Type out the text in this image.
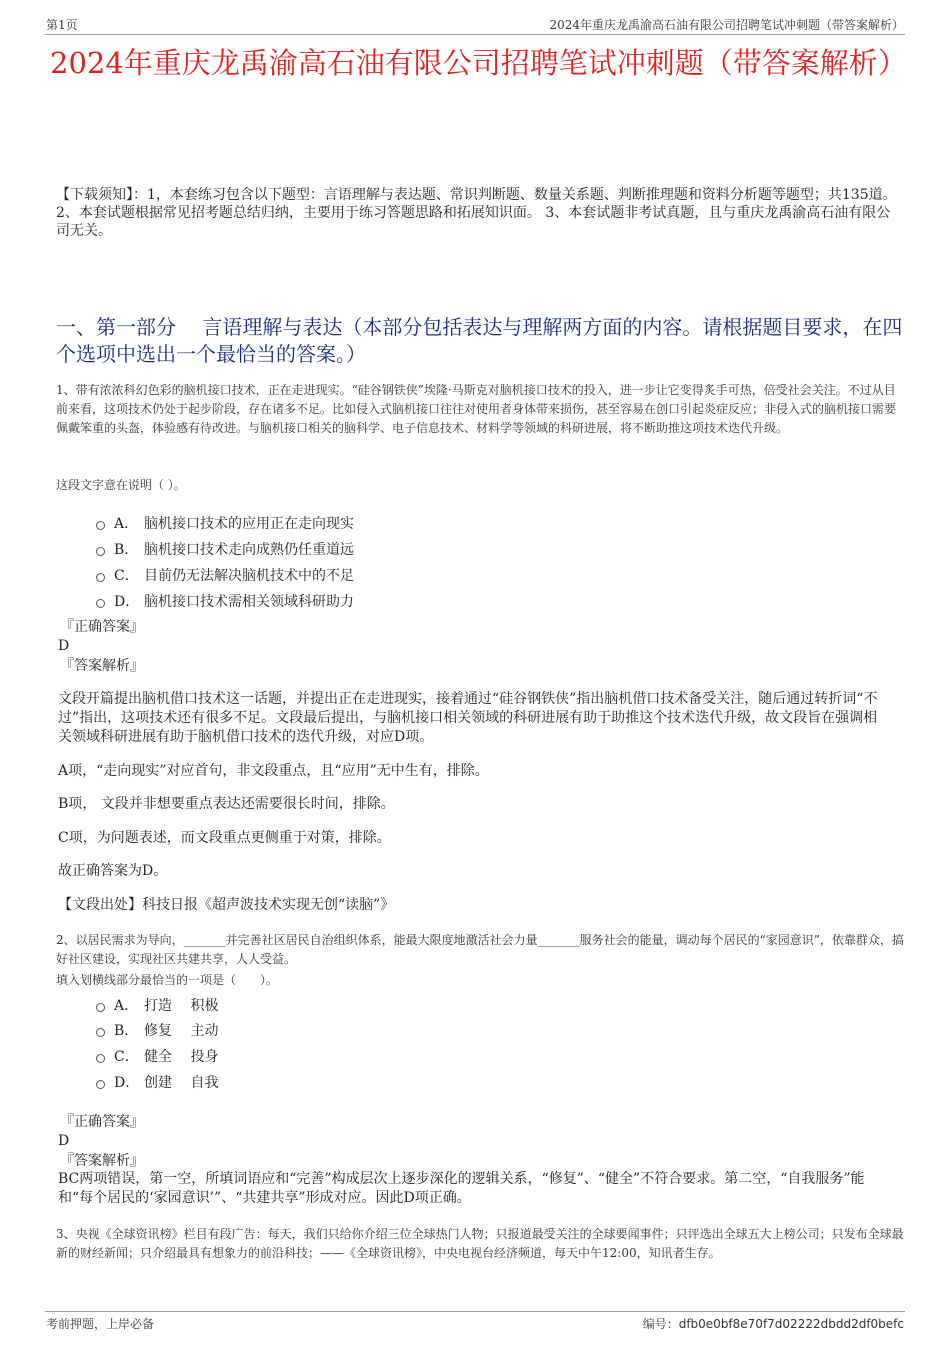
第1页	2024年重庆龙禹渝高石油有限公司招聘笔试冲刺题（带答案解析）
2024年重庆龙禹渝高石油有限公司招聘笔试冲刺题（带答案解析）
【下载须知】：1，本套练习包含以下题型：言语理解与表达题、常识判断题、数量关系题、判断推理题和资料分析题等题型；共135道。 2、本套试题根据常见招考题总结归纳，主要用于练习答题思路和拓展知识面。 3、本套试题非考试真题，且与重庆龙禹渝高石油有限公司无关。
一、第一部分　 言语理解与表达（本部分包括表达与理解两方面的内容。请根据题目要求，在四个选项中选出一个最恰当的答案。）
1、带有浓浓科幻色彩的脑机接口技术，正在走进现实。“硅谷钢铁侠”埃隆·马斯克对脑机接口技术的投入，进一步让它变得炙手可热，倍受社会关注。不过从目前来看，这项技术仍处于起步阶段，存在诸多不足。比如侵入式脑机接口往往对使用者身体带来损伤，甚至容易在创口引起炎症反应；非侵入式的脑机接口需要佩戴笨重的头盔，体验感有待改进。与脑机接口相关的脑科学、电子信息技术、材料学等领域的科研进展，将不断助推这项技术迭代升级。
这段文字意在说明（ ）。
A． 脑机接口技术的应用正在走向现实
B． 脑机接口技术走向成熟仍任重道远
C． 目前仍无法解决脑机技术中的不足
D． 脑机接口技术需相关领域科研助力
『正确答案』
D
『答案解析』
文段开篇提出脑机借口技术这一话题，并提出正在走进现实，接着通过“硅谷钢铁侠”指出脑机借口技术备受关注，随后通过转折词“不过”指出，这项技术还有很多不足。文段最后提出，与脑机接口相关领域的科研进展有助于助推这个技术迭代升级，故文段旨在强调相关领域科研进展有助于脑机借口技术的迭代升级，对应D项。
A项，“走向现实”对应首句，非文段重点，且“应用”无中生有，排除。
B项， 文段并非想要重点表达还需要很长时间，排除。
C项，为问题表述，而文段重点更侧重于对策，排除。
故正确答案为D。
【文段出处】科技日报《超声波技术实现无创“读脑”》
2、以居民需求为导向，_______并完善社区居民自治组织体系，能最大限度地激活社会力量_______服务社会的能量，调动每个居民的“家园意识”，依靠群众，搞好社区建设，实现社区共建共享，人人受益。
填入划横线部分最恰当的一项是（　　）。
A． 打造　 积极
B． 修复　 主动
C． 健全　 投身
D． 创建　 自我
『正确答案』
D
『答案解析』
BC两项错误，第一空，所填词语应和“完善”构成层次上逐步深化的逻辑关系，“修复”、“健全”不符合要求。第二空，“自我服务”能和“每个居民的‘家园意识’”、“共建共享”形成对应。因此D项正确。
3、央视《全球资讯榜》栏目有段广告：每天，我们只给你介绍三位全球热门人物；只报道最受关注的全球要闻事件；只评选出全球五大上榜公司；只发布全球最新的财经新闻；只介绍最具有想象力的前沿科技；——《全球资讯榜》，中央电视台经济频道，每天中午12:00，知讯者生存。
考前押题，上岸必备	编号：dfb0e0bf8e70f7d02222dbdd2df0befc
